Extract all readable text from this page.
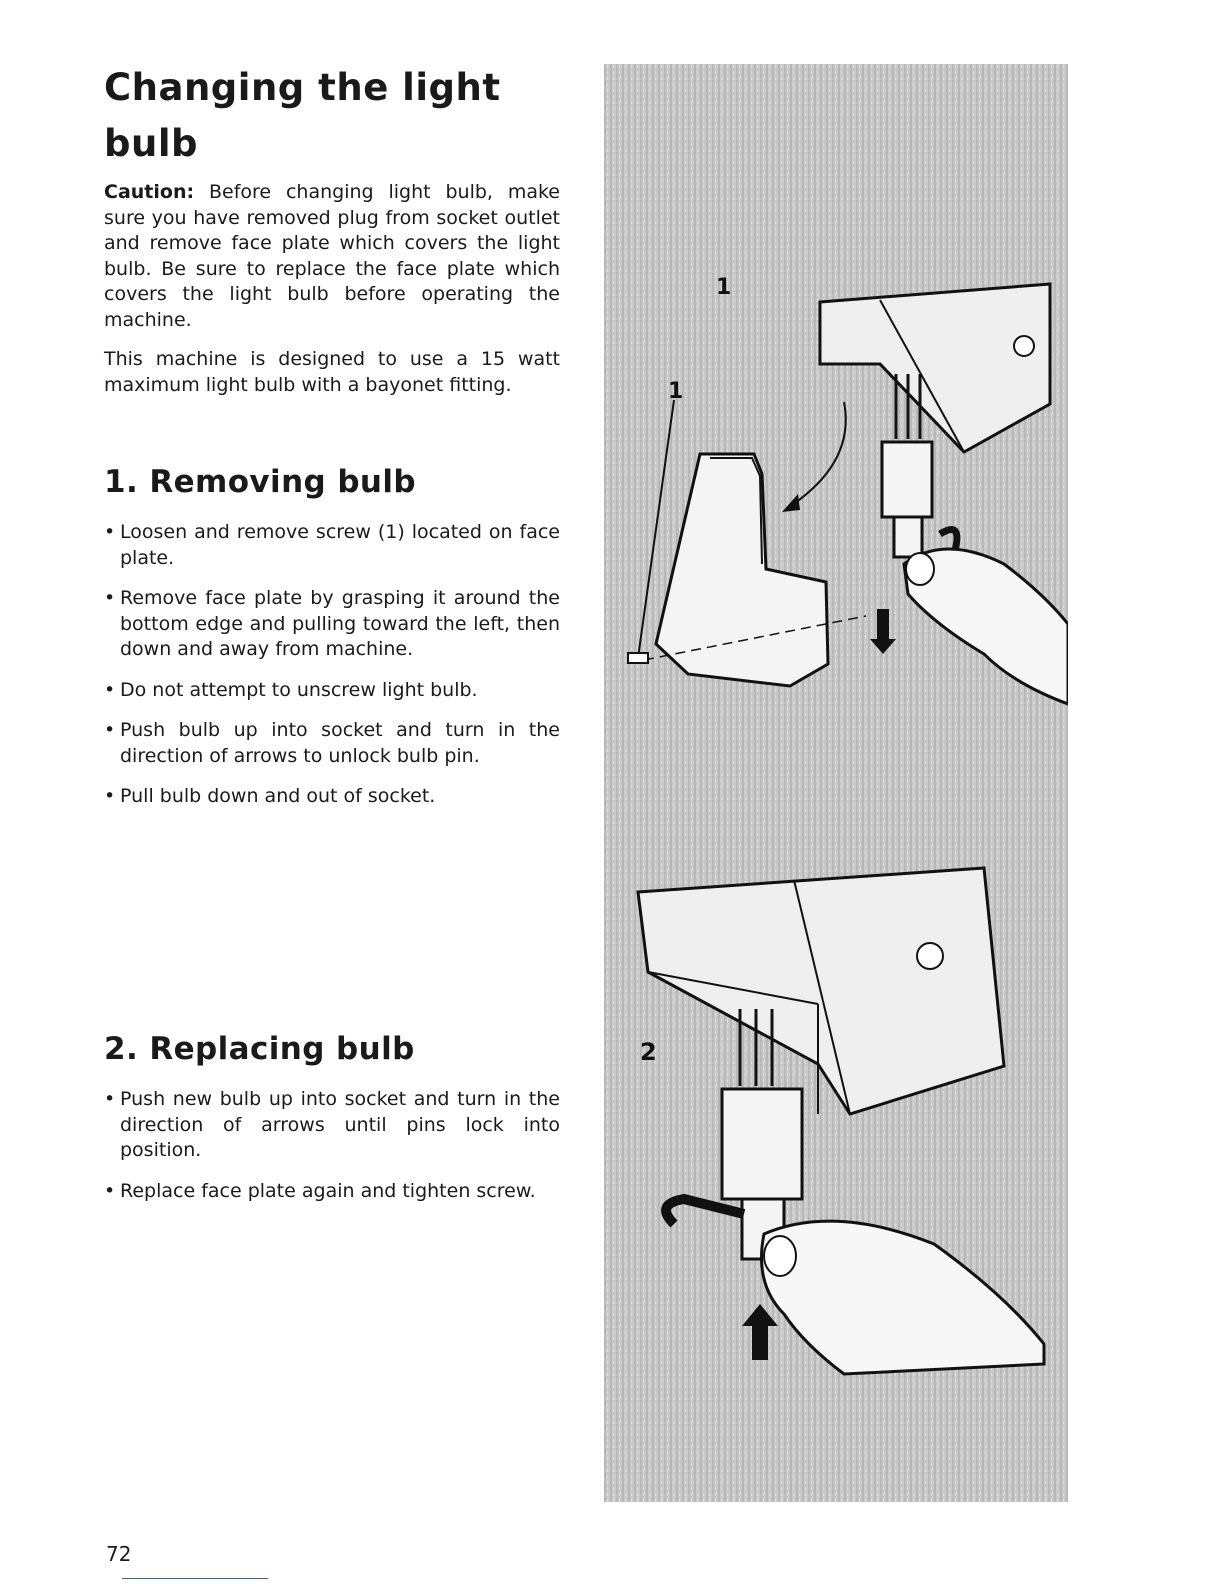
Changing the light bulb

Caution: Before changing light bulb, make sure you have removed plug from socket outlet and remove face plate which covers the light bulb. Be sure to replace the face plate which covers the light bulb before operating the machine.

This machine is designed to use a 15 watt maximum light bulb with a bayonet fitting.

1. Removing bulb
• Loosen and remove screw (1) located on face plate.
• Remove face plate by grasping it around the bottom edge and pulling toward the left, then down and away from machine.
• Do not attempt to unscrew light bulb.
• Push bulb up into socket and turn in the direction of arrows to unlock bulb pin.
• Pull bulb down and out of socket.
2. Replacing bulb
• Push new bulb up into socket and turn in the direction of arrows until pins lock into position.
• Replace face plate again and tighten screw.
1
1
2
72
